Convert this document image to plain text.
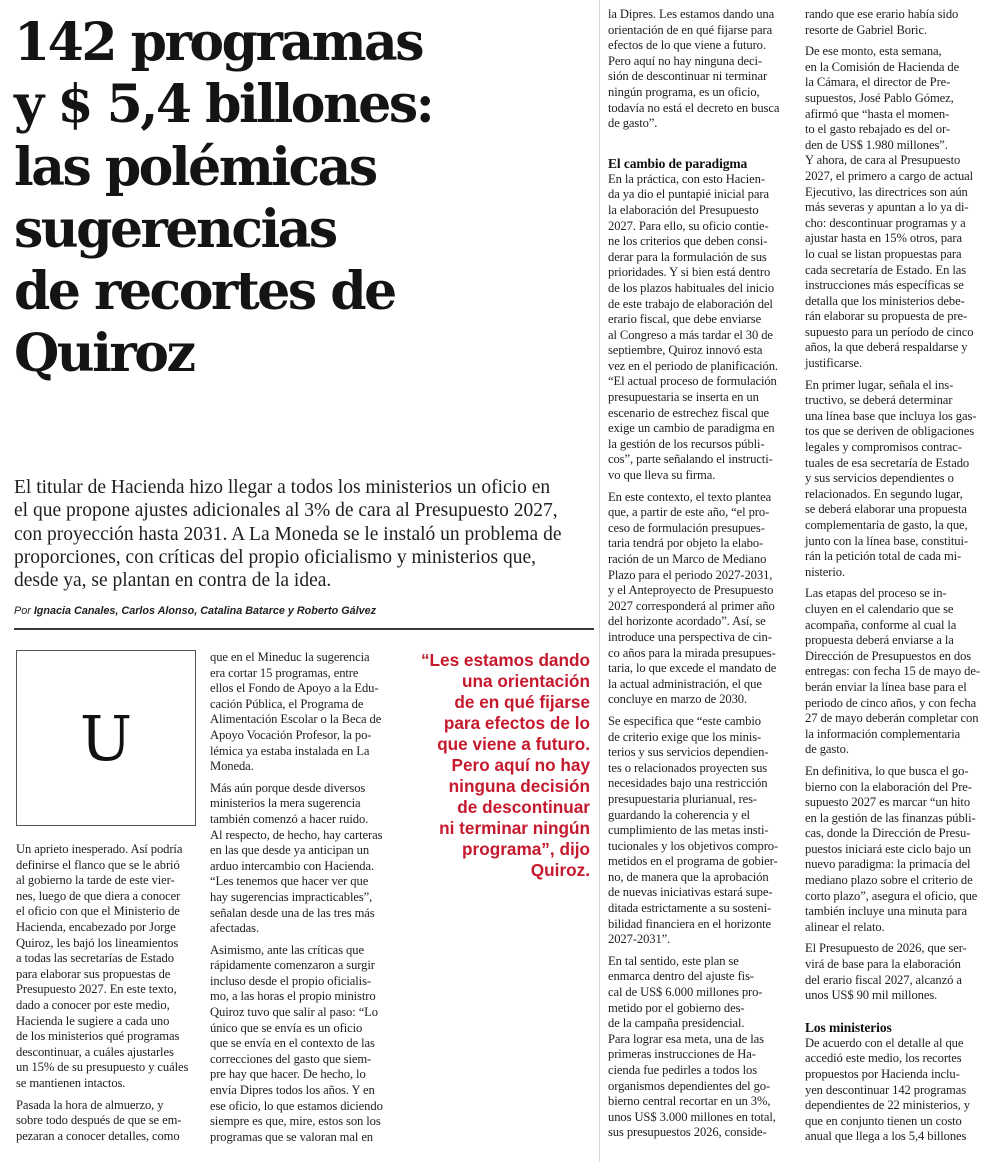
142 programas
y $ 5,4 billones:
las polémicas
sugerencias
de recortes de
Quiroz

El titular de Hacienda hizo llegar a todos los ministerios un oficio en
el que propone ajustes adicionales al 3% de cara al Presupuesto 2027,
con proyección hasta 2031. A La Moneda se le instaló un problema de
proporciones, con críticas del propio oficialismo y ministerios que,
desde ya, se plantan en contra de la idea.

Por Ignacia Canales, Carlos Alonso, Catalina Batarce y Roberto Gálvez

U

Un aprieto inesperado. Así podría
definirse el flanco que se le abrió
al gobierno la tarde de este vier-
nes, luego de que diera a conocer
el oficio con que el Ministerio de
Hacienda, encabezado por Jorge
Quiroz, les bajó los lineamientos
a todas las secretarías de Estado
para elaborar sus propuestas de
Presupuesto 2027. En este texto,
dado a conocer por este medio,
Hacienda le sugiere a cada uno
de los ministerios qué programas
descontinuar, a cuáles ajustarles
un 15% de su presupuesto y cuáles
se mantienen intactos.

Pasada la hora de almuerzo, y
sobre todo después de que se em-
pezaran a conocer detalles, como

que en el Mineduc la sugerencia
era cortar 15 programas, entre
ellos el Fondo de Apoyo a la Edu-
cación Pública, el Programa de
Alimentación Escolar o la Beca de
Apoyo Vocación Profesor, la po-
lémica ya estaba instalada en La
Moneda.

Más aún porque desde diversos
ministerios la mera sugerencia
también comenzó a hacer ruido.
Al respecto, de hecho, hay carteras
en las que desde ya anticipan un
arduo intercambio con Hacienda.
“Les tenemos que hacer ver que
hay sugerencias impracticables”,
señalan desde una de las tres más
afectadas.

Asimismo, ante las críticas que
rápidamente comenzaron a surgir
incluso desde el propio oficialis-
mo, a las horas el propio ministro
Quiroz tuvo que salir al paso: “Lo
único que se envía es un oficio
que se envía en el contexto de las
correcciones del gasto que siem-
pre hay que hacer. De hecho, lo
envía Dipres todos los años. Y en
ese oficio, lo que estamos diciendo
siempre es que, mire, estos son los
programas que se valoran mal en

“Les estamos dando
una orientación
de en qué fijarse
para efectos de lo
que viene a futuro.
Pero aquí no hay
ninguna decisión
de descontinuar
ni terminar ningún
programa”, dijo
Quiroz.

la Dipres. Les estamos dando una
orientación de en qué fijarse para
efectos de lo que viene a futuro.
Pero aquí no hay ninguna deci-
sión de descontinuar ni terminar
ningún programa, es un oficio,
todavía no está el decreto en busca
de gasto”.

El cambio de paradigma

En la práctica, con esto Hacien-
da ya dio el puntapié inicial para
la elaboración del Presupuesto
2027. Para ello, su oficio contie-
ne los criterios que deben consi-
derar para la formulación de sus
prioridades. Y si bien está dentro
de los plazos habituales del inicio
de este trabajo de elaboración del
erario fiscal, que debe enviarse
al Congreso a más tardar el 30 de
septiembre, Quiroz innovó esta
vez en el periodo de planificación.
“El actual proceso de formulación
presupuestaria se inserta en un
escenario de estrechez fiscal que
exige un cambio de paradigma en
la gestión de los recursos públi-
cos”, parte señalando el instructi-
vo que lleva su firma.

En este contexto, el texto plantea
que, a partir de este año, “el pro-
ceso de formulación presupues-
taria tendrá por objeto la elabo-
ración de un Marco de Mediano
Plazo para el periodo 2027-2031,
y el Anteproyecto de Presupuesto
2027 corresponderá al primer año
del horizonte acordado”. Así, se
introduce una perspectiva de cin-
co años para la mirada presupues-
taria, lo que excede el mandato de
la actual administración, el que
concluye en marzo de 2030.

Se especifica que “este cambio
de criterio exige que los minis-
terios y sus servicios dependien-
tes o relacionados proyecten sus
necesidades bajo una restricción
presupuestaria plurianual, res-
guardando la coherencia y el
cumplimiento de las metas insti-
tucionales y los objetivos compro-
metidos en el programa de gobier-
no, de manera que la aprobación
de nuevas iniciativas estará supe-
ditada estrictamente a su sosteni-
bilidad financiera en el horizonte
2027-2031”.

En tal sentido, este plan se
enmarca dentro del ajuste fis-
cal de US$ 6.000 millones pro-
metido por el gobierno des-
de la campaña presidencial.
Para lograr esa meta, una de las
primeras instrucciones de Ha-
cienda fue pedirles a todos los
organismos dependientes del go-
bierno central recortar en un 3%,
unos US$ 3.000 millones en total,
sus presupuestos 2026, conside-

rando que ese erario había sido
resorte de Gabriel Boric.

De ese monto, esta semana,
en la Comisión de Hacienda de
la Cámara, el director de Pre-
supuestos, José Pablo Gómez,
afirmó que “hasta el momen-
to el gasto rebajado es del or-
den de US$ 1.980 millones”.
Y ahora, de cara al Presupuesto
2027, el primero a cargo de actual
Ejecutivo, las directrices son aún
más severas y apuntan a lo ya di-
cho: descontinuar programas y a
ajustar hasta en 15% otros, para
lo cual se listan propuestas para
cada secretaría de Estado. En las
instrucciones más específicas se
detalla que los ministerios debe-
rán elaborar su propuesta de pre-
supuesto para un período de cinco
años, la que deberá respaldarse y
justificarse.

En primer lugar, señala el ins-
tructivo, se deberá determinar
una línea base que incluya los gas-
tos que se deriven de obligaciones
legales y compromisos contrac-
tuales de esa secretaría de Estado
y sus servicios dependientes o
relacionados. En segundo lugar,
se deberá elaborar una propuesta
complementaria de gasto, la que,
junto con la línea base, constitui-
rán la petición total de cada mi-
nisterio.

Las etapas del proceso se in-
cluyen en el calendario que se
acompaña, conforme al cual la
propuesta deberá enviarse a la
Dirección de Presupuestos en dos
entregas: con fecha 15 de mayo de-
berán enviar la línea base para el
periodo de cinco años, y con fecha
27 de mayo deberán completar con
la información complementaria
de gasto.

En definitiva, lo que busca el go-
bierno con la elaboración del Pre-
supuesto 2027 es marcar “un hito
en la gestión de las finanzas públi-
cas, donde la Dirección de Presu-
puestos iniciará este ciclo bajo un
nuevo paradigma: la primacía del
mediano plazo sobre el criterio de
corto plazo”, asegura el oficio, que
también incluye una minuta para
alinear el relato.

El Presupuesto de 2026, que ser-
virá de base para la elaboración
del erario fiscal 2027, alcanzó a
unos US$ 90 mil millones.

Los ministerios

De acuerdo con el detalle al que
accedió este medio, los recortes
propuestos por Hacienda inclu-
yen descontinuar 142 programas
dependientes de 22 ministerios, y
que en conjunto tienen un costo
anual que llega a los 5,4 billones
